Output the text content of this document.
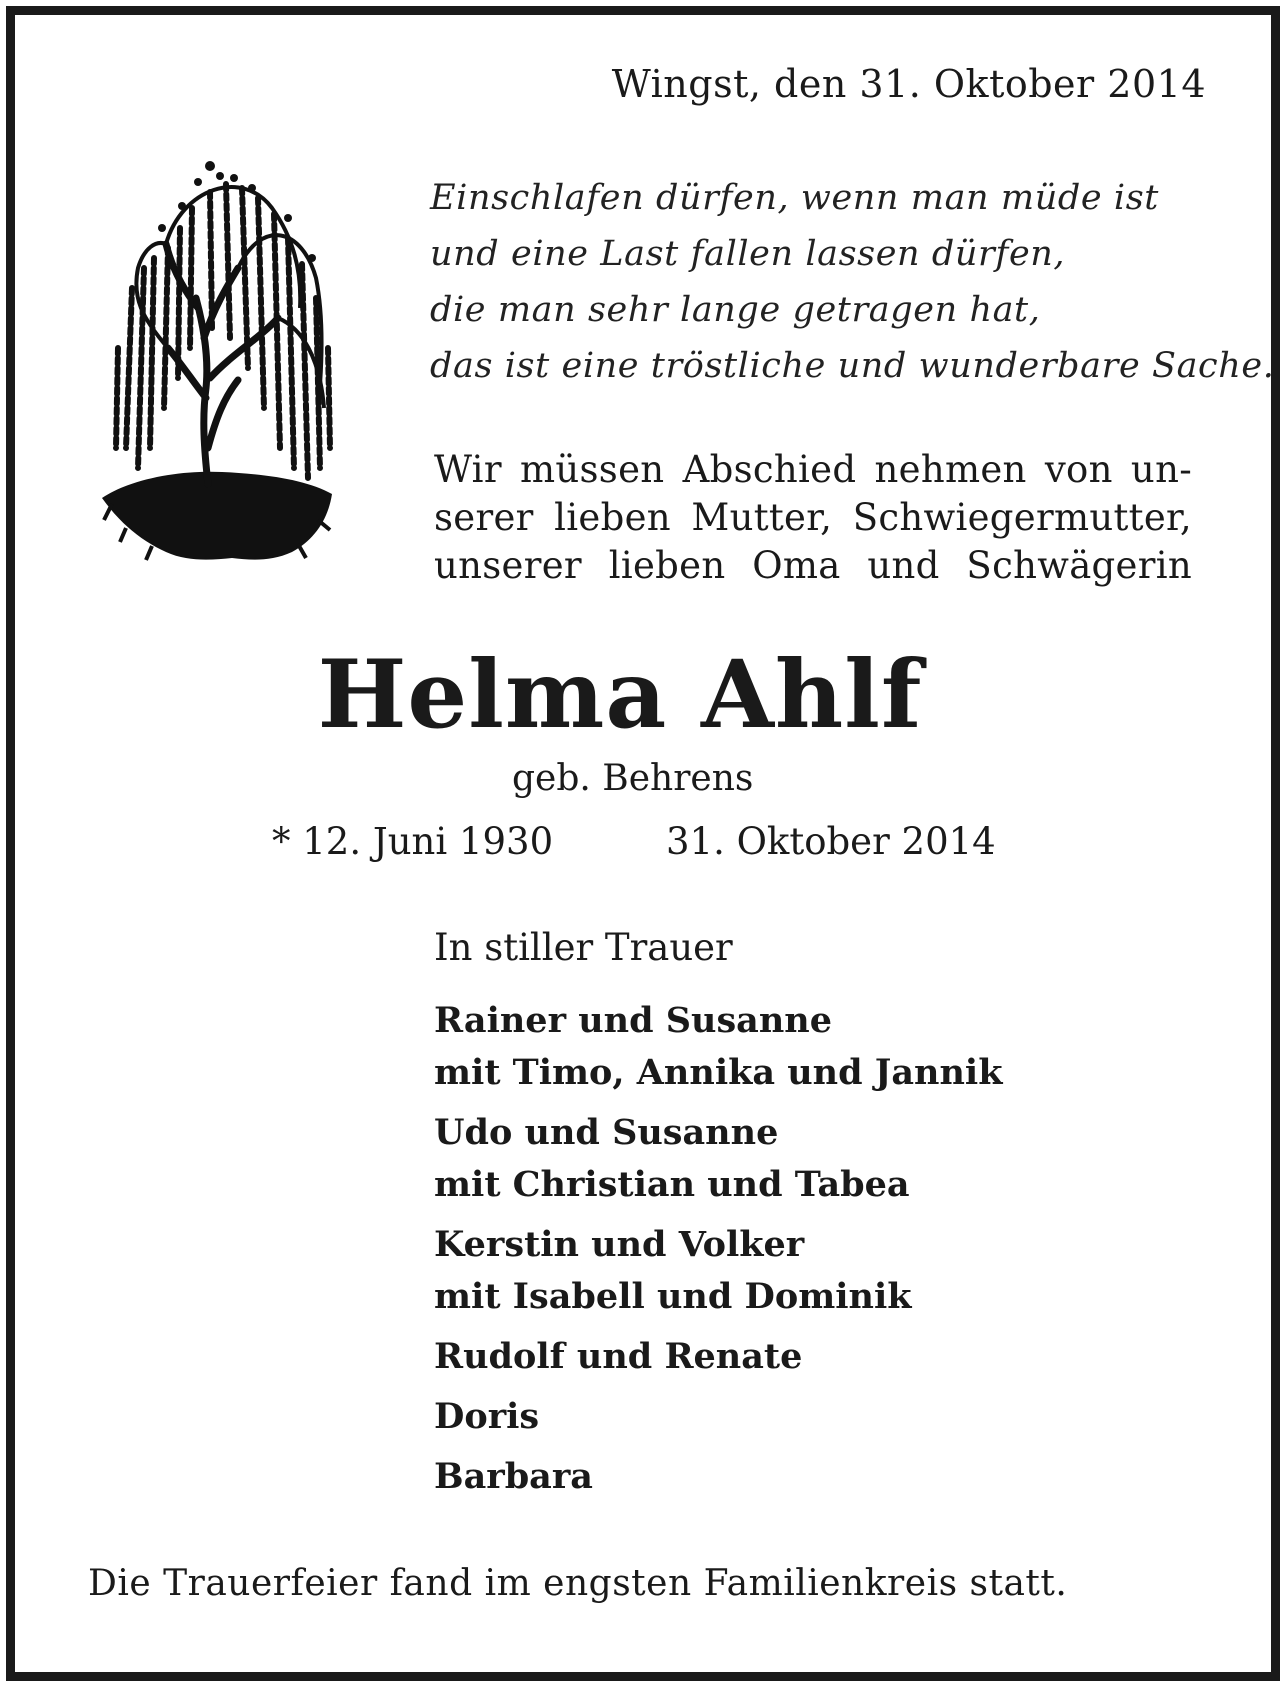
Wingst, den 31. Oktober 2014
Einschlafen dürfen, wenn man müde ist
und eine Last fallen lassen dürfen,
die man sehr lange getragen hat,
das ist eine tröstliche und wunderbare Sache.
Wir müssen Abschied nehmen von un-
serer lieben Mutter, Schwiegermutter,
unserer lieben Oma und Schwägerin
Helma Ahlf
geb. Behrens
* 12. Juni 1930	31. Oktober 2014
In stiller Trauer
Rainer und Susanne
mit Timo, Annika und Jannik
Udo und Susanne
mit Christian und Tabea
Kerstin und Volker
mit Isabell und Dominik
Rudolf und Renate
Doris
Barbara
Die Trauerfeier fand im engsten Familienkreis statt.
